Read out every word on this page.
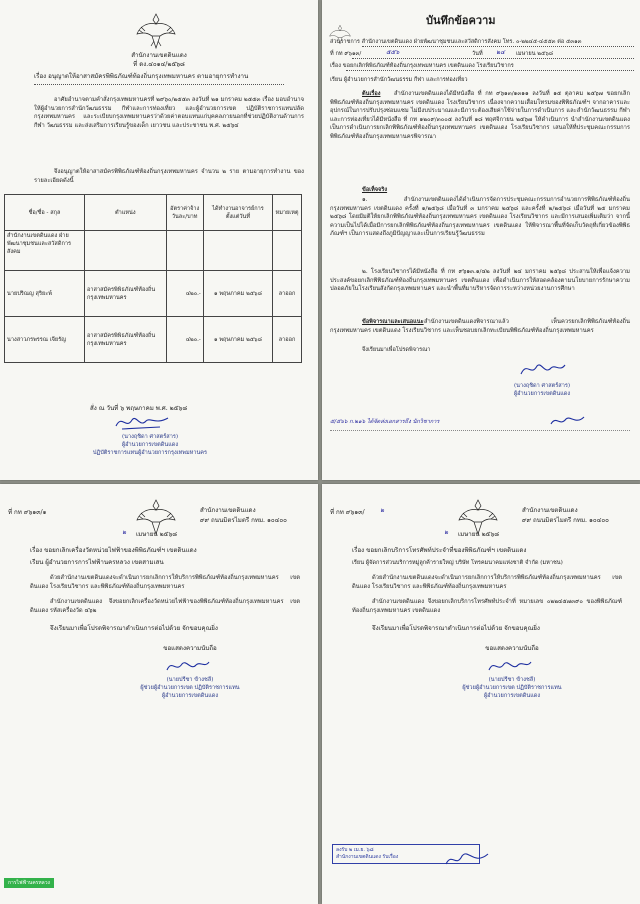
สำนักงานเขตดินแดง
ที่ ดง.๔๐๑๔/๒๕๖๘
เรื่อง อนุญาตให้อาสาสมัครพิพิธภัณฑ์ท้องถิ่นกรุงเทพมหานคร ตามอายุการทำงาน
อาศัยอำนาจตามคำสั่งกรุงเทพมหานครที่ ๒๙๖๐/๒๕๕๓ ลงวันที่ ๒๑ มกราคม ๒๕๕๓ เรื่อง มอบอำนาจให้ผู้อำนวยการสำนักวัฒนธรรม กีฬาและการท่องเที่ยว และผู้อำนวยการเขต ปฏิบัติราชการแทนปลัดกรุงเทพมหานคร และระเบียบกรุงเทพมหานครว่าด้วยค่าตอบแทนแก่บุคคลภายนอกที่ช่วยปฏิบัติงานด้านการกีฬา วัฒนธรรม และส่งเสริมการเรียนรู้ของเด็ก เยาวชน และประชาชน พ.ศ. ๒๕๖๔
จึงอนุญาตให้อาสาสมัครพิพิธภัณฑ์ท้องถิ่นกรุงเทพมหานคร จำนวน ๒ ราย ตามอายุการทำงาน ของรายละเอียดดังนี้
ชื่อ/ชื่อ - สกุล	ตำแหน่ง	อัตราค่าจ้าง วันละ/บาท	ได้ทำงานอาจารย์การ ตั้งแต่วันที่	หมายเหตุ
สำนักงานเขตดินแดง ฝ่ายพัฒนาชุมชนและสวัสดิการสังคม				
นายปริณญ สุริยะพ์	อาสาสมัครพิพิธภัณฑ์ท้องถิ่นกรุงเทพมหานคร	๔๒๐.-	๑ พฤษภาคม ๒๕๖๘	ลาออก
นางสาวภรพรรณ เจียรัญ	อาสาสมัครพิพิธภัณฑ์ท้องถิ่นกรุงเทพมหานคร	๔๒๐.-	๑ พฤษภาคม ๒๕๖๘	ลาออก
สั่ง ณ วันที่ ๖ พฤษภาคม พ.ศ. ๒๕๖๘
(นางฤชิดา ศาสตร์สาร)
ผู้อำนวยการเขตดินแดง
ปฏิบัติราชการแทนผู้อำนวยการกรุงเทพมหานคร
บันทึกข้อความ
ส่วนราชการ สำนักงานเขตดินแดง ฝ่ายพัฒนาชุมชนและสวัสดิการสังคม โทร. ๐-๒๒๔๕-๔๕๕๓ ต่อ ๕๓๑๓
ที่ กท ๙๖๑๓/	๕๕๖	วันที่ ๒๔ เมษายน ๒๕๖๘
เรื่อง ขอยกเลิกพิพิธภัณฑ์ท้องถิ่นกรุงเทพมหานคร เขตดินแดง โรงเรียนวิชากร
เรียน ผู้อำนวยการสำนักวัฒนธรรม กีฬา และการท่องเที่ยว
ต้นเรื่อง	สำนักงานเขตดินแดงได้มีหนังสือ ที่ กท ๙๖๑๓/๑๓๑๑ ลงวันที่ ๑๕ ตุลาคม ๒๕๖๗ ขอยกเลิกพิพิธภัณฑ์ท้องถิ่นกรุงเทพมหานคร เขตดินแดง โรงเรียนวิชากร เนื่องจากความเสื่อมโทรมของพิพิธภัณฑ์ฯ จากอาคารและอุปกรณ์ในการปรับปรุงซ่อมแซม ไม่มีงบประมาณและมีภาระต้องเสียค่าใช้จ่ายในการดำเนินการ และสำนักวัฒนธรรม กีฬา และการท่องเที่ยวได้มีหนังสือ ที่ กท ๑๒๐๙/๓๐๐๕ ลงวันที่ ๑๘ พฤศจิกายน ๒๕๖๗ ให้ดำเนินการ นำสำนักงานเขตดินแดงเป็นการดำเนินการยกเลิกพิพิธภัณฑ์ท้องถิ่นกรุงเทพมหานคร เขตดินแดง โรงเรียนวิชากร เสนอให้ที่ประชุมคณะกรรมการพิพิธภัณฑ์ท้องถิ่นกรุงเทพมหานครพิจารณา
ข้อเท็จจริง
๑. สำนักงานเขตดินแดงได้ดำเนินการจัดการประชุมคณะกรรมการอำนวยการพิพิธภัณฑ์ท้องถิ่นกรุงเทพมหานคร เขตดินแดง ครั้งที่ ๑/๒๕๖๘ เมื่อวันที่ ๓ มกราคม ๒๕๖๘ และครั้งที่ ๒/๒๕๖๘ เมื่อวันที่ ๒๕ มกราคม ๒๕๖๘ โดยมีมติให้ยกเลิกพิพิธภัณฑ์ท้องถิ่นกรุงเทพมหานคร เขตดินแดง โรงเรียนวิชากร และมีการเสนอเพิ่มเติมว่า จากนี้ความเป็นไปได้เมื่อมีการยกเลิกพิพิธภัณฑ์ท้องถิ่นกรุงเทพมหานคร เขตดินแดง ให้พิจารณาพื้นที่จัดเก็บวัตถุที่เกี่ยวข้องพิพิธภัณฑ์ฯ เป็นการแสดงถึงภูมิปัญญาและเป็นการเรียนรู้วัฒนธรรม
๒. โรงเรียนวิชากรได้มีหนังสือ ที่ กท ๙๖๑๓.๑/๔๒ ลงวันที่ ๒๔ มกราคม ๒๕๖๘ ประสานให้เพื่อแจ้งความประสงค์ขอยกเลิกพิพิธภัณฑ์ท้องถิ่นกรุงเทพมหานคร เขตดินแดง เพื่อดำเนินการให้สอดคล้องตามนโยบายการรักษาความปลอดภัยในโรงเรียนสังกัดกรุงเทพมหานคร และนำพื้นที่มาบริหารจัดการระหว่างหน่วยงานการศึกษา
ข้อพิจารณาและเสนอแนะ สำนักงานเขตดินแดงพิจารณาแล้ว เห็นควรยกเลิกพิพิธภัณฑ์ท้องถิ่นกรุงเทพมหานคร เขตดินแดง โรงเรียนวิชากร และเห็นชอบยกเลิกทะเบียนพิพิธภัณฑ์ท้องถิ่นกรุงเทพมหานคร
จึงเรียนมาเพื่อโปรดพิจารณา
(นางฤชิดา ศาสตร์สาร)
ผู้อำนวยการเขตดินแดง
๕/๕๖๖ ก.๒๑๖ ได้จัดส่งเอกสารถึง นักวิชาการ
ที่ กท ๙๖๑๓/๑	สำนักงานเขตดินแดง
๙๙ ถนนมิตรไมตรี กทม. ๑๐๔๐๐
๒ เมษายน ๒๕๖๘
เรื่อง ขอยกเลิกเครื่องวัดหน่วยไฟฟ้าของพิพิธภัณฑ์ฯ เขตดินแดง
เรียน ผู้อำนวยการการไฟฟ้านครหลวง เขตสามเสน
ด้วยสำนักงานเขตดินแดงจะดำเนินการยกเลิกการให้บริการพิพิธภัณฑ์ท้องถิ่นกรุงเทพมหานคร เขตดินแดง โรงเรียนวิชากร และพิพิธภัณฑ์ท้องถิ่นกรุงเทพมหานคร
สำนักงานเขตดินแดง จึงขอยกเลิกเครื่องวัดหน่วยไฟฟ้าของพิพิธภัณฑ์ท้องถิ่นกรุงเทพมหานคร เขตดินแดง รหัสเครื่องวัด ๔๖๒
จึงเรียนมาเพื่อโปรดพิจารณาดำเนินการต่อไปด้วย จักขอบคุณยิ่ง
ขอแสดงความนับถือ
(นายปรีชา ข้างชลี)
ผู้ช่วยผู้อำนวยการเขต ปฏิบัติราชการแทน
ผู้อำนวยการเขตดินแดง
การไฟฟ้านครหลวง
ที่ กท ๙๖๑๓/ ๒	สำนักงานเขตดินแดง
๙๙ ถนนมิตรไมตรี กทม. ๑๐๔๐๐
๒ เมษายน ๒๕๖๘
เรื่อง ขอยกเลิกบริการโทรศัพท์ประจำที่ของพิพิธภัณฑ์ฯ เขตดินแดง
เรียน ผู้จัดการส่วนบริการหมู่ลูกค้ารายใหญ่ บริษัท โทรคมนาคมแห่งชาติ จำกัด (มหาชน)
ด้วยสำนักงานเขตดินแดงจะดำเนินการยกเลิกการให้บริการพิพิธภัณฑ์ท้องถิ่นกรุงเทพมหานคร เขตดินแดง โรงเรียนวิชากร และพิพิธภัณฑ์ท้องถิ่นกรุงเทพมหานคร
สำนักงานเขตดินแดง จึงขอยกเลิกบริการโทรศัพท์ประจำที่ หมายเลข ๐๒๒๔๕๗๓๙๐ ของพิพิธภัณฑ์ท้องถิ่นกรุงเทพมหานคร เขตดินแดง
จึงเรียนมาเพื่อโปรดพิจารณาดำเนินการต่อไปด้วย จักขอบคุณยิ่ง
ขอแสดงความนับถือ
(นายปรีชา ข้างชลี)
ผู้ช่วยผู้อำนวยการเขต ปฏิบัติราชการแทน
ผู้อำนวยการเขตดินแดง
ลงรับ ๒ เม.ย. ๖๘
สำนักงานเขตดินแดง รับเรื่อง
